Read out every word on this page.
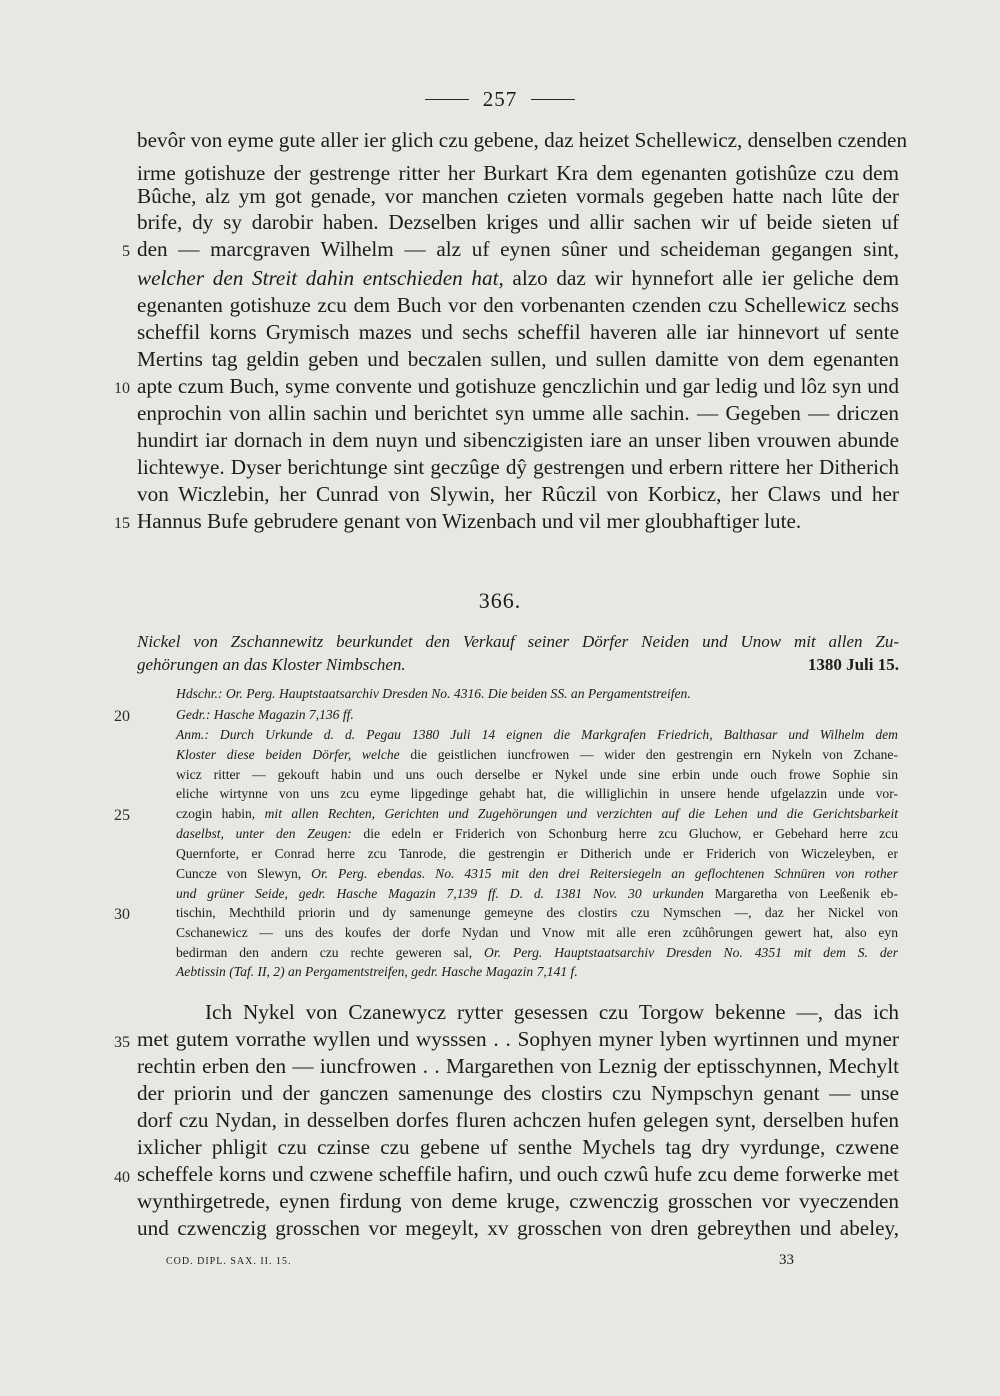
257
bevôr von eyme gute aller ier glich czu gebene, daz heizet Schellewicz, denselben czenden
irme gotishuze der gestrenge ritter her Burkart Kra dem egenanten gotishûze czu dem
Bûche, alz ym got genade, vor manchen czieten vormals gegeben hatte nach lûte der
brife, dy sy darobir haben. Dezselben kriges und allir sachen wir uf beide sieten uf
den — marcgraven Wilhelm — alz uf eynen sûner und scheideman gegangen sint,
welcher den Streit dahin entschieden hat, alzo daz wir hynnefort alle ier geliche dem
egenanten gotishuze zcu dem Buch vor den vorbenanten czenden czu Schellewicz sechs
scheffil korns Grymisch mazes und sechs scheffil haveren alle iar hinnevort uf sente
Mertins tag geldin geben und beczalen sullen, und sullen damitte von dem egenanten
apte czum Buch, syme convente und gotishuze genczlichin und gar ledig und lôz syn und
enprochin von allin sachin und berichtet syn umme alle sachin. — Gegeben — driczen
hundirt iar dornach in dem nuyn und sibenczigisten iare an unser liben vrouwen abunde
lichtewye. Dyser berichtunge sint geczûge dŷ gestrengen und erbern rittere her Ditherich
von Wiczlebin, her Cunrad von Slywin, her Rûczil von Korbicz, her Claws und her
Hannus Bufe gebrudere genant von Wizenbach und vil mer gloubhaftiger lute.
5
10
15
366.
Nickel von Zschannewitz beurkundet den Verkauf seiner Dörfer Neiden und Unow mit allen Zu-
gehörungen an das Kloster Nimbschen.	1380 Juli 15.
Hdschr.: Or. Perg. Hauptstaatsarchiv Dresden No. 4316. Die beiden SS. an Pergamentstreifen.
Gedr.: Hasche Magazin 7,136 ff.
Anm.: Durch Urkunde d. d. Pegau 1380 Juli 14 eignen die Markgrafen Friedrich, Balthasar und Wilhelm dem
Kloster diese beiden Dörfer, welche die geistlichen iuncfrowen — wider den gestrengin ern Nykeln von Zchane-
wicz ritter — gekouft habin und uns ouch derselbe er Nykel unde sine erbin unde ouch frowe Sophie sin
eliche wirtynne von uns zcu eyme lipgedinge gehabt hat, die williglichin in unsere hende ufgelazzin unde vor-
czogin habin, mit allen Rechten, Gerichten und Zugehörungen und verzichten auf die Lehen und die Gerichtsbarkeit
daselbst, unter den Zeugen: die edeln er Friderich von Schonburg herre zcu Gluchow, er Gebehard herre zcu
Quernforte, er Conrad herre zcu Tanrode, die gestrengin er Ditherich unde er Friderich von Wiczeleyben, er
Cuncze von Slewyn, Or. Perg. ebendas. No. 4315 mit den drei Reitersiegeln an geflochtenen Schnüren von rother
und grüner Seide, gedr. Hasche Magazin 7,139 ff. D. d. 1381 Nov. 30 urkunden Margaretha von Leeßenik eb-
tischin, Mechthild priorin und dy samenunge gemeyne des clostirs czu Nymschen —, daz her Nickel von
Cschanewicz — uns des koufes der dorfe Nydan und Vnow mit alle eren zcûhôrungen gewert hat, also eyn
bedirman den andern czu rechte geweren sal, Or. Perg. Hauptstaatsarchiv Dresden No. 4351 mit dem S. der
Aebtissin (Taf. II, 2) an Pergamentstreifen, gedr. Hasche Magazin 7,141 f.
20
25
30
Ich Nykel von Czanewycz rytter gesessen czu Torgow bekenne —, das ich
met gutem vorrathe wyllen und wysssen . . Sophyen myner lyben wyrtinnen und myner
rechtin erben den — iuncfrowen . . Margarethen von Leznig der eptisschynnen, Mechylt
der priorin und der ganczen samenunge des clostirs czu Nympschyn genant — unse
dorf czu Nydan, in desselben dorfes fluren achczen hufen gelegen synt, derselben hufen
ixlicher phligit czu czinse czu gebene uf senthe Mychels tag dry vyrdunge, czwene
scheffele korns und czwene scheffile hafirn, und ouch czwû hufe zcu deme forwerke met
wynthirgetrede, eynen firdung von deme kruge, czwenczig grosschen vor vyeczenden
und czwenczig grosschen vor megeylt, xv grosschen von dren gebreythen und abeley,
35
40
COD. DIPL. SAX. II. 15.	33
